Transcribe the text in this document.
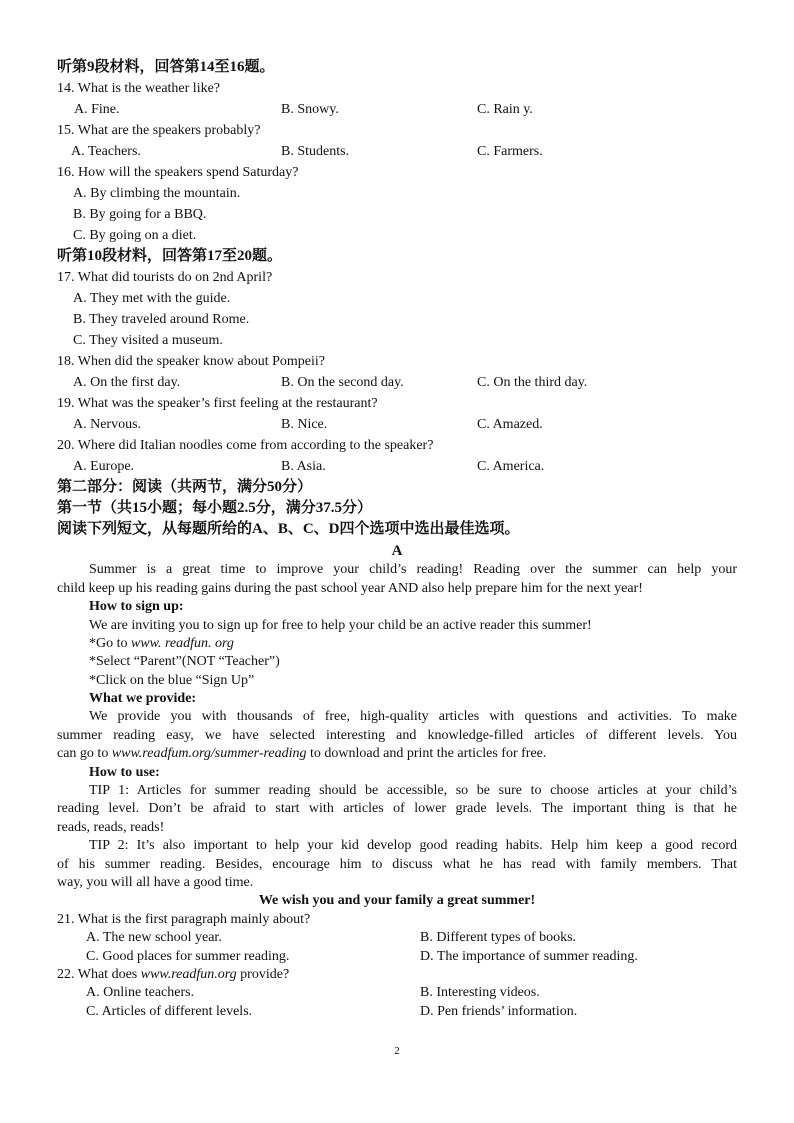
听第9段材料，回答第14至16题。
14. What is the weather like?
A. Fine.	B. Snowy.	C. Rain y.
15. What are the speakers probably?
A. Teachers.	B. Students.	C. Farmers.
16. How will the speakers spend Saturday?
A. By climbing the mountain.
B. By going for a BBQ.
C. By going on a diet.
听第10段材料，回答第17至20题。
17. What did tourists do on 2nd April?
A. They met with the guide.
B. They traveled around Rome.
C. They visited a museum.
18. When did the speaker know about Pompeii?
A. On the first day.	B. On the second day.	C. On the third day.
19. What was the speaker’s first feeling at the restaurant?
A. Nervous.	B. Nice.	C. Amazed.
20. Where did Italian noodles come from according to the speaker?
A. Europe.	B. Asia.	C. America.
第二部分：阅读（共两节，满分50分）
第一节（共15小题；每小题2.5分，满分37.5分）
阅读下列短文，从每题所给的A、B、C、D四个选项中选出最佳选项。
A
Summer is a great time to improve your child’s reading! Reading over the summer can help your
child keep up his reading gains during the past school year AND also help prepare him for the next year!
How to sign up:
We are inviting you to sign up for free to help your child be an active reader this summer!
*Go to www. readfun. org
*Select “Parent”(NOT “Teacher”)
*Click on the blue “Sign Up”
What we provide:
We provide you with thousands of free, high-quality articles with questions and activities. To make
summer reading easy, we have selected interesting and knowledge-filled articles of different levels. You
can go to www.readfum.org/summer-reading to download and print the articles for free.
How to use:
TIP 1: Articles for summer reading should be accessible, so be sure to choose articles at your child’s
reading level. Don’t be afraid to start with articles of lower grade levels. The important thing is that he
reads, reads, reads!
TIP 2: It’s also important to help your kid develop good reading habits. Help him keep a good record
of his summer reading. Besides, encourage him to discuss what he has read with family members. That
way, you will all have a good time.
We wish you and your family a great summer!
21. What is the first paragraph mainly about?
A. The new school year.	B. Different types of books.
C. Good places for summer reading.	D. The importance of summer reading.
22. What does www.readfun.org provide?
A. Online teachers.	B. Interesting videos.
C. Articles of different levels.	D. Pen friends’ information.
2
